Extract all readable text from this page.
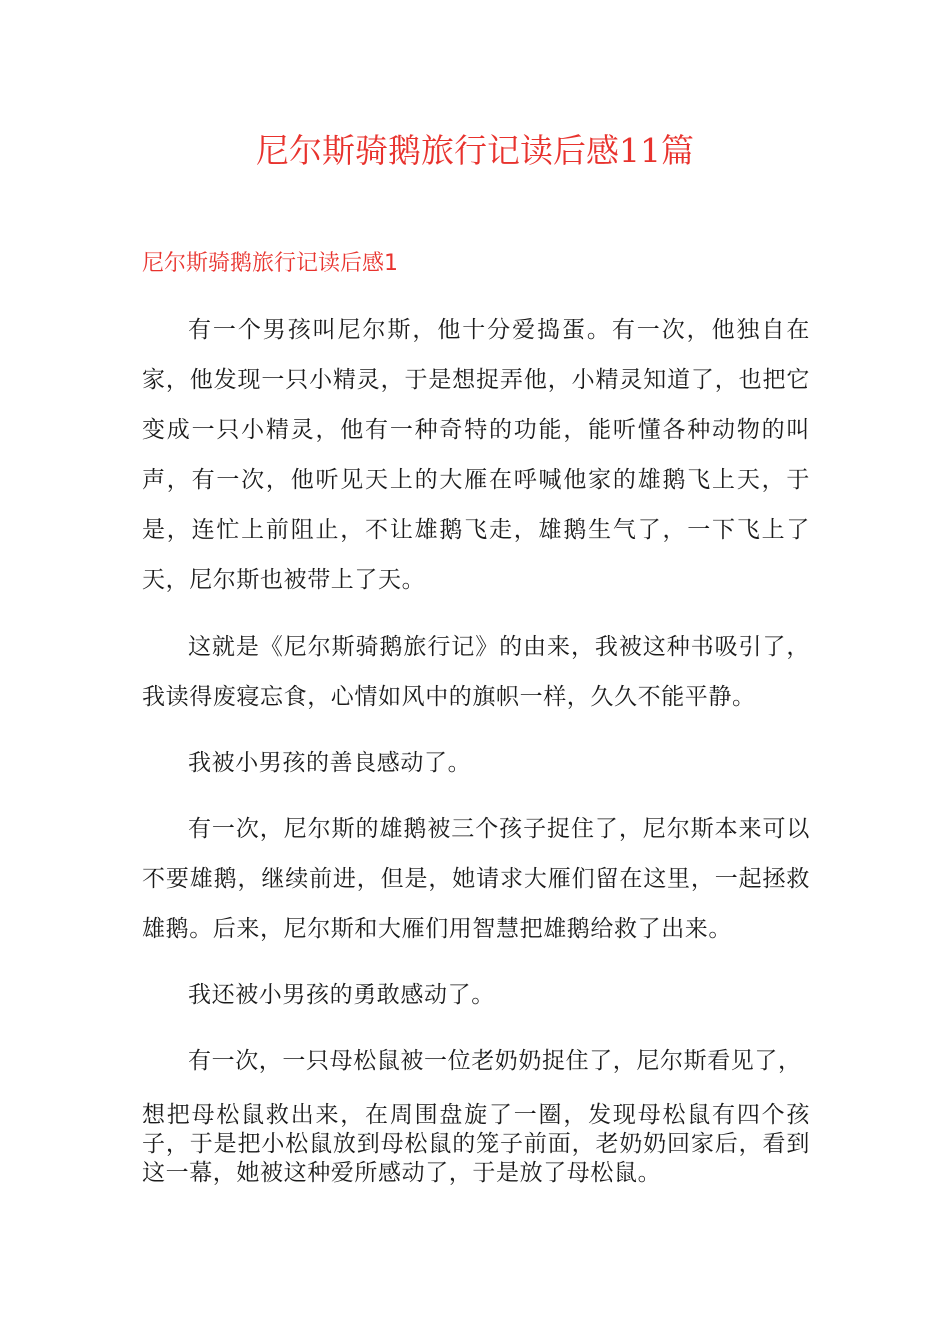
尼尔斯骑鹅旅行记读后感11篇
尼尔斯骑鹅旅行记读后感1

有一个男孩叫尼尔斯，他十分爱捣蛋。有一次，他独自在家，他发现一只小精灵，于是想捉弄他，小精灵知道了，也把它变成一只小精灵，他有一种奇特的功能，能听懂各种动物的叫声，有一次，他听见天上的大雁在呼喊他家的雄鹅飞上天，于是，连忙上前阻止，不让雄鹅飞走，雄鹅生气了，一下飞上了天，尼尔斯也被带上了天。

这就是《尼尔斯骑鹅旅行记》的由来，我被这种书吸引了，我读得废寝忘食，心情如风中的旗帜一样，久久不能平静。

我被小男孩的善良感动了。

有一次，尼尔斯的雄鹅被三个孩子捉住了，尼尔斯本来可以不要雄鹅，继续前进，但是，她请求大雁们留在这里，一起拯救雄鹅。后来，尼尔斯和大雁们用智慧把雄鹅给救了出来。

我还被小男孩的勇敢感动了。

有一次，一只母松鼠被一位老奶奶捉住了，尼尔斯看见了，

想把母松鼠救出来，在周围盘旋了一圈，发现母松鼠有四个孩子，于是把小松鼠放到母松鼠的笼子前面，老奶奶回家后，看到这一幕，她被这种爱所感动了，于是放了母松鼠。
